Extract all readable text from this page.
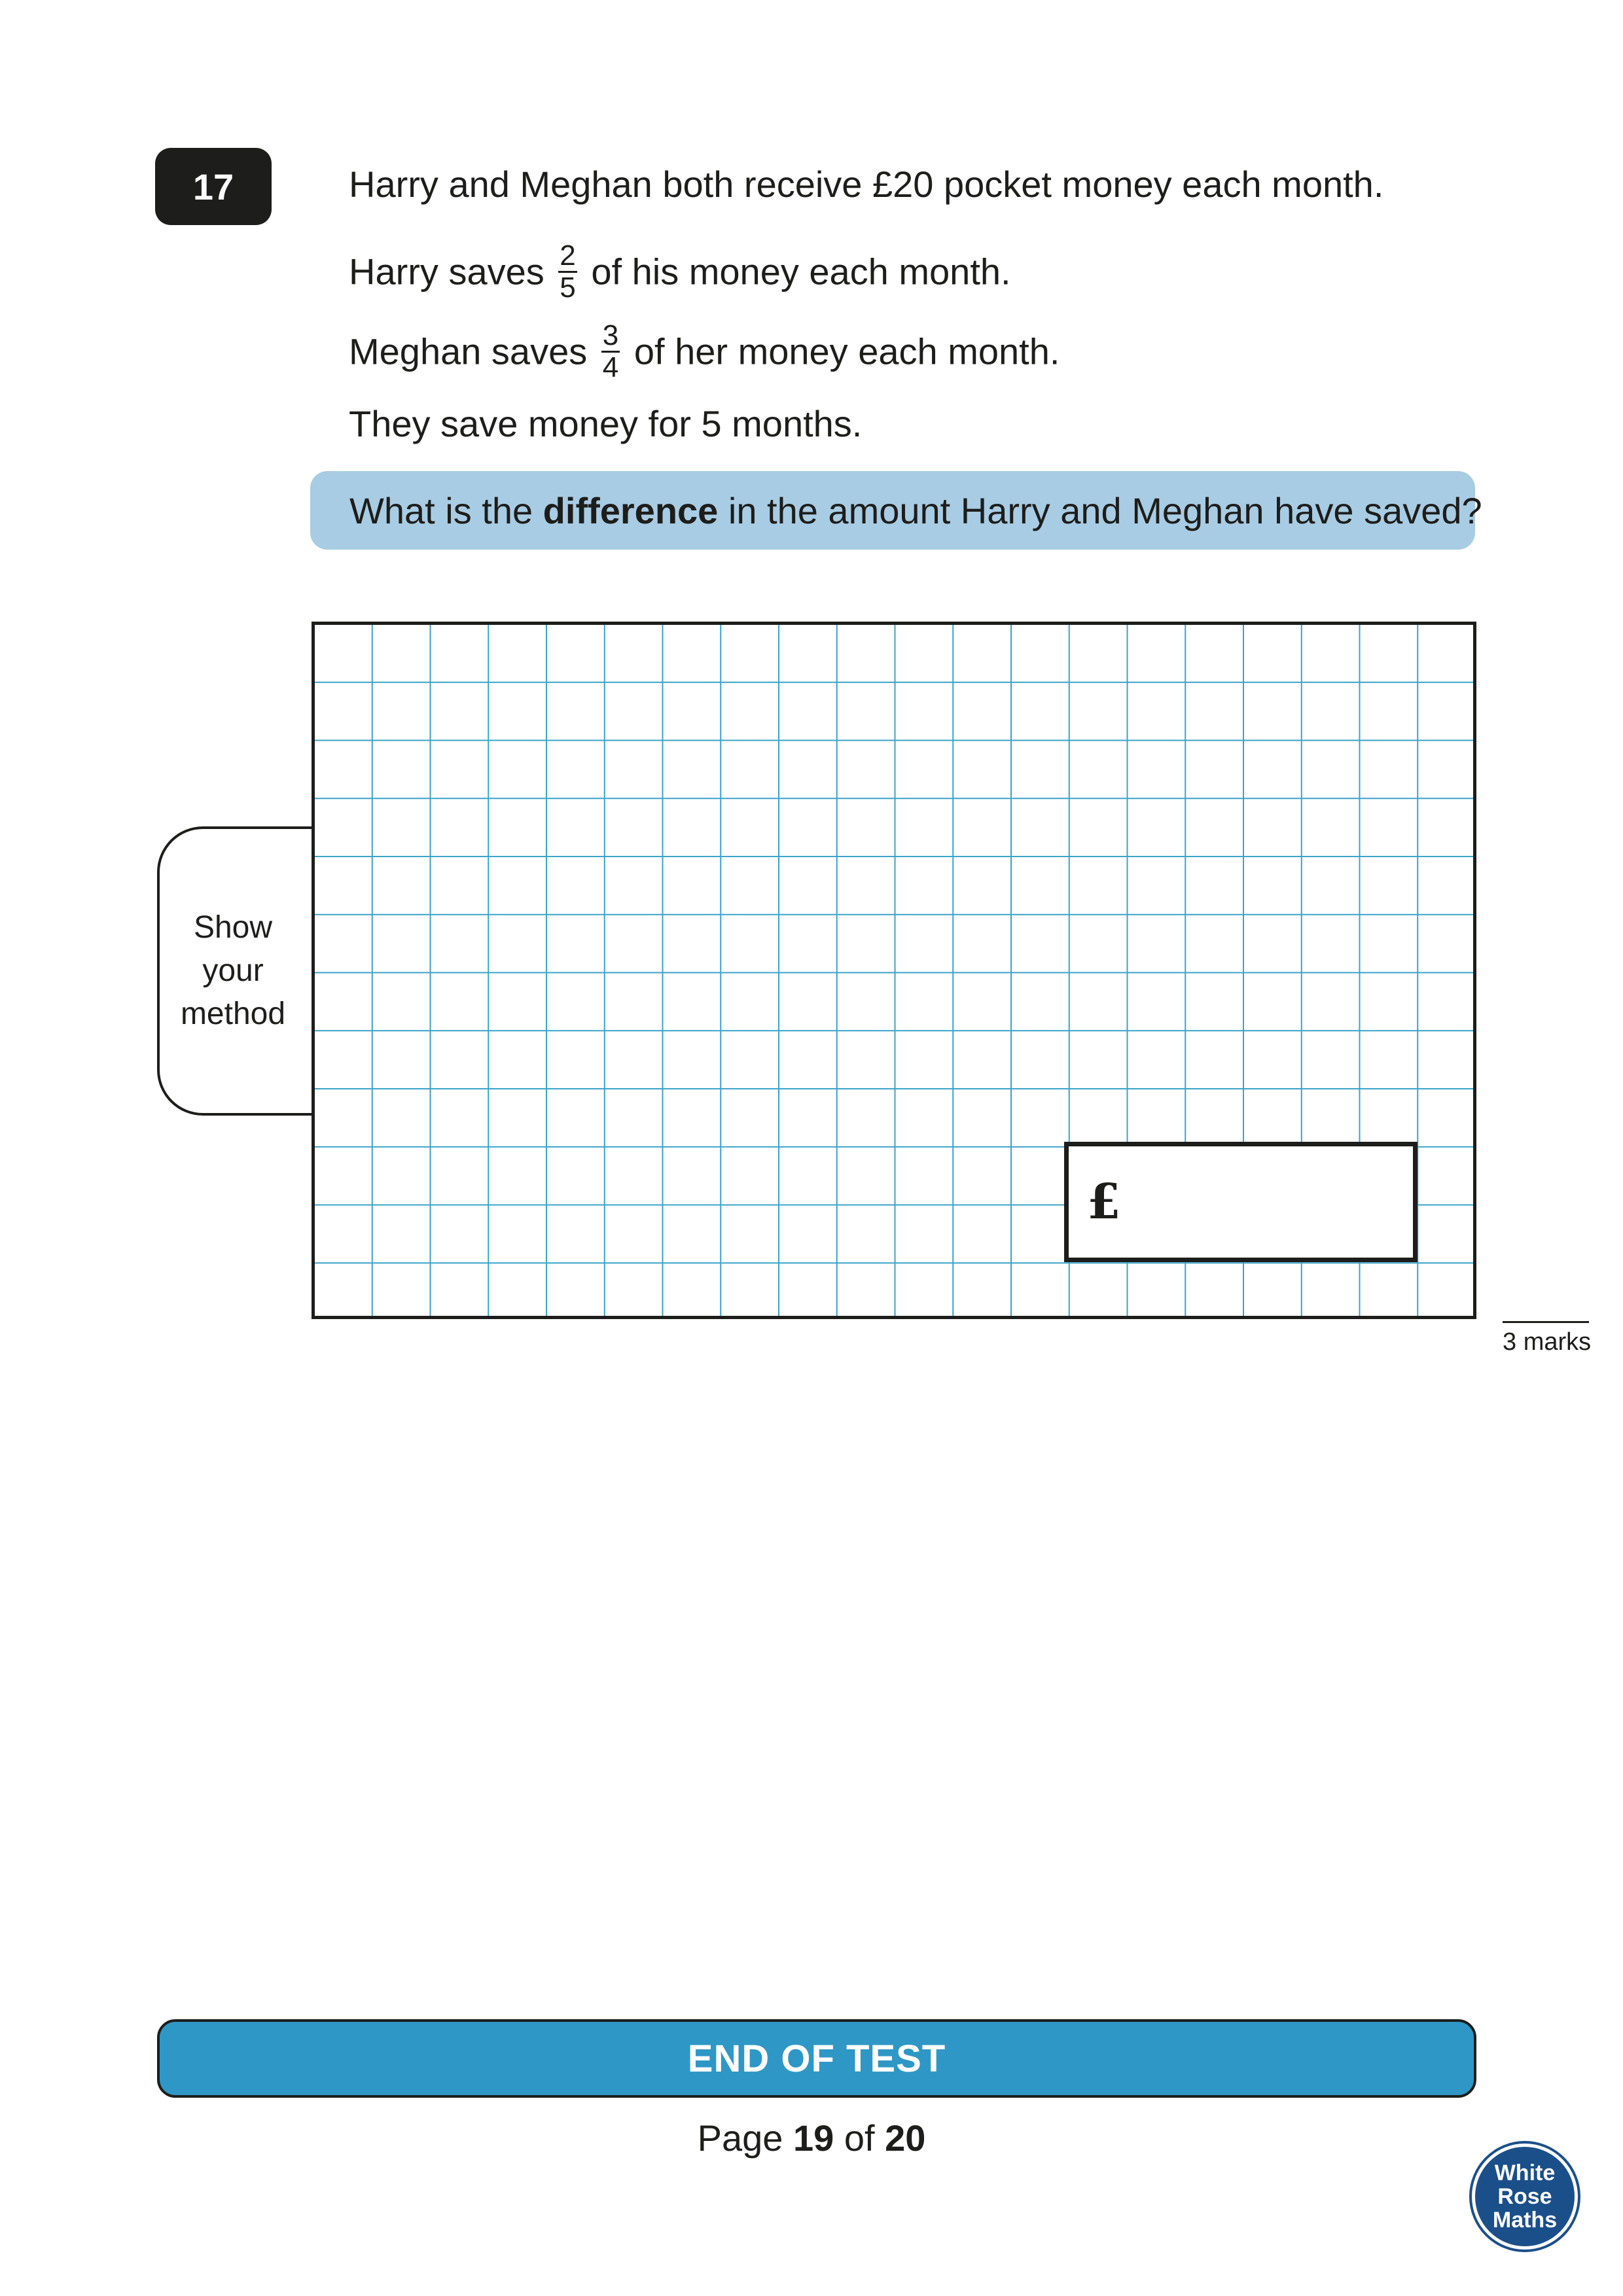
17	Harry and Meghan both receive £20 pocket money each month.
Harry saves $\frac{2}{5}$ of his money each month.
Meghan saves $\frac{3}{4}$ of her money each month.
They save money for 5 months.
What is the
difference
in the amount Harry and Meghan have saved?
Show
your
method
£
3 marks
END OF TEST
Page 19 of 20
White
Rose
Maths
